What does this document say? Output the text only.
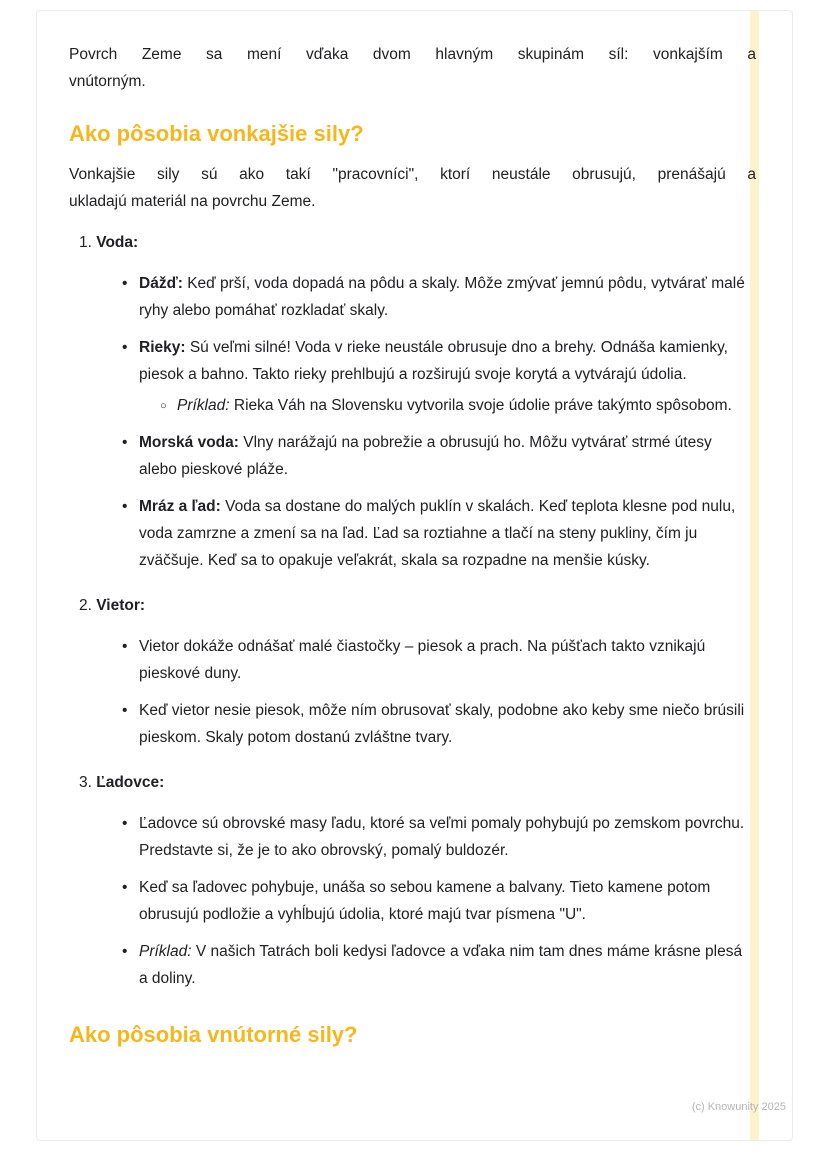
Povrch Zeme sa mení vďaka dvom hlavným skupinám síl: vonkajším a
vnútorným.

Ako pôsobia vonkajšie sily?

Vonkajšie sily sú ako takí "pracovníci", ktorí neustále obrusujú, prenášajú a
ukladajú materiál na povrchu Zeme.

1. Voda:
• Dážď: Keď prší, voda dopadá na pôdu a skaly. Môže zmývať jemnú pôdu, vytvárať malé ryhy alebo pomáhať rozkladať skaly.
• Rieky: Sú veľmi silné! Voda v rieke neustále obrusuje dno a brehy. Odnáša kamienky, piesok a bahno. Takto rieky prehlbujú a rozširujú svoje korytá a vytvárajú údolia.
○ Príklad: Rieka Váh na Slovensku vytvorila svoje údolie práve takýmto spôsobom.
• Morská voda: Vlny narážajú na pobrežie a obrusujú ho. Môžu vytvárať strmé útesy alebo pieskové pláže.
• Mráz a ľad: Voda sa dostane do malých puklín v skalách. Keď teplota klesne pod nulu, voda zamrzne a zmení sa na ľad. Ľad sa roztiahne a tlačí na steny pukliny, čím ju zväčšuje. Keď sa to opakuje veľakrát, skala sa rozpadne na menšie kúsky.
2. Vietor:
• Vietor dokáže odnášať malé čiastočky – piesok a prach. Na púšťach takto vznikajú pieskové duny.
• Keď vietor nesie piesok, môže ním obrusovať skaly, podobne ako keby sme niečo brúsili pieskom. Skaly potom dostanú zvláštne tvary.
3. Ľadovce:
• Ľadovce sú obrovské masy ľadu, ktoré sa veľmi pomaly pohybujú po zemskom povrchu. Predstavte si, že je to ako obrovský, pomalý buldozér.
• Keď sa ľadovec pohybuje, unáša so sebou kamene a balvany. Tieto kamene potom obrusujú podložie a vyhĺbujú údolia, ktoré majú tvar písmena "U".
• Príklad: V našich Tatrách boli kedysi ľadovce a vďaka nim tam dnes máme krásne plesá a doliny.
Ako pôsobia vnútorné sily?
(c) Knowunity 2025
